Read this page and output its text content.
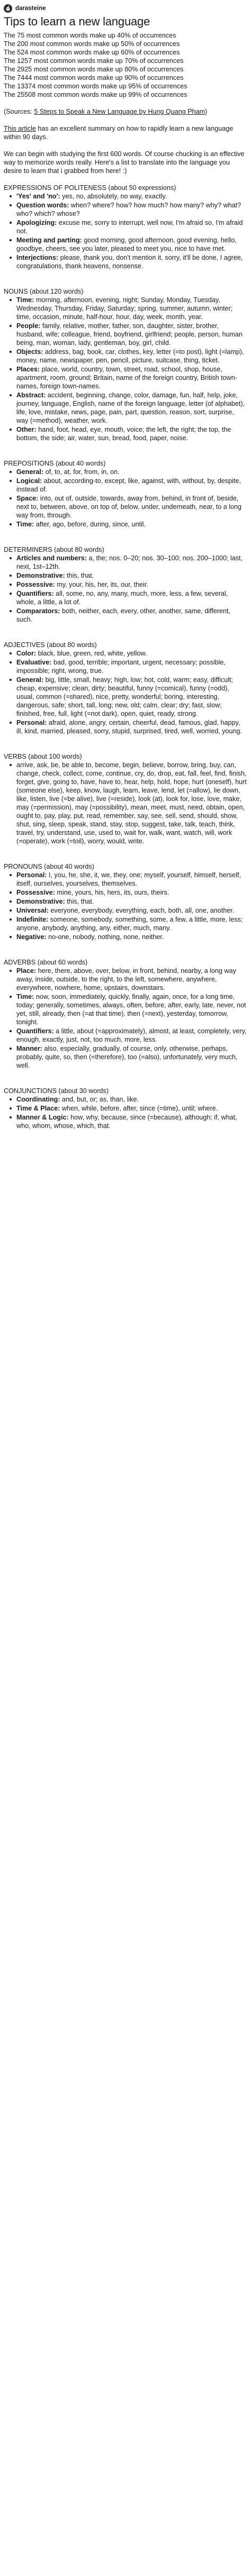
darasteine
Tips to learn a new language

The 75 most common words make up 40% of occurrences

The 200 most common words make up 50% of occurrences

The 524 most common words make up 60% of occurrences

The 1257 most common words make up 70% of occurrences

The 2925 most common words make up 80% of occurrences

The 7444 most common words make up 90% of occurrences

The 13374 most common words make up 95% of occurrences

The 25508 most common words make up 99% of occurrences

(Sources: 5 Steps to Speak a New Language by Hung Quang Pham)

This article has an excellent summary on how to rapidly learn a new language within 90 days.

We can begin with studying the first 600 words. Of course chucking is an effective way to memorize words really. Here's a list to translate into the language you desire to learn that i grabbed from here! :)

EXPRESSIONS OF POLITENESS (about 50 expressions)

'Yes' and 'no': yes, no, absolutely, no way, exactly.
Question words: when? where? how? how much? how many? why? what? who? which? whose?
Apologizing: excuse me, sorry to interrupt, well now, I'm afraid so, I'm afraid not.
Meeting and parting: good morning, good afternoon, good evening, hello, goodbye, cheers, see you later, pleased to meet you, nice to have met.
Interjections: please, thank you, don't mention it, sorry, it'll be done, I agree, congratulations, thank heavens, nonsense.

NOUNS (about 120 words)

Time: morning, afternoon, evening, night; Sunday, Monday, Tuesday, Wednesday, Thursday, Friday, Saturday; spring, summer, autumn, winter; time, occasion, minute, half-hour, hour, day, week, month, year.
People: family, relative, mother, father, son, daughter, sister, brother, husband, wife; colleague, friend, boyfriend, girlfriend; people, person, human being, man, woman, lady, gentleman, boy, girl, child.
Objects: address, bag, book, car, clothes, key, letter (=to post), light (=lamp), money, name, newspaper, pen, pencil, picture, suitcase, thing, ticket.
Places: place, world, country, town, street, road, school, shop, house, apartment, room, ground; Britain, name of the foreign country, British town-names, foreign town-names.
Abstract: accident, beginning, change, color, damage, fun, half, help, joke, journey, language, English, name of the foreign language, letter (of alphabet), life, love, mistake, news, page, pain, part, question, reason, sort, surprise, way (=method), weather, work.
Other: hand, foot, head, eye, mouth, voice; the left, the right; the top, the bottom, the side; air, water, sun, bread, food, paper, noise.

PREPOSITIONS (about 40 words)

General: of, to, at, for, from, in, on.
Logical: about, according-to, except, like, against, with, without, by, despite, instead of.
Space: into, out of, outside, towards, away from, behind, in front of, beside, next to, between, above, on top of, below, under, underneath, near, to a long way from, through.
Time: after, ago, before, during, since, until.

DETERMINERS (about 80 words)

Articles and numbers: a, the; nos. 0–20; nos. 30–100; nos. 200–1000; last, next, 1st–12th.
Demonstrative: this, that.
Possessive: my, your, his, her, its, our, their.
Quantifiers: all, some, no, any, many, much, more, less, a few, several, whole, a little, a lot of.
Comparators: both, neither, each, every, other, another, same, different, such.

ADJECTIVES (about 80 words)

Color: black, blue, green, red, white, yellow.
Evaluative: bad, good, terrible; important, urgent, necessary; possible, impossible; right, wrong, true.
General: big, little, small, heavy; high, low; hot, cold, warm; easy, difficult; cheap, expensive; clean, dirty; beautiful, funny (=comical), funny (=odd), usual, common (=shared), nice, pretty, wonderful; boring, interesting, dangerous, safe; short, tall, long; new, old; calm, clear; dry; fast, slow; finished, free, full, light (=not dark), open, quiet, ready, strong.
Personal: afraid, alone, angry, certain, cheerful, dead, famous, glad, happy, ill, kind, married, pleased, sorry, stupid, surprised, tired, well, worried, young.

VERBS (about 100 words)

arrive, ask, be, be able to, become, begin, believe, borrow, bring, buy, can, change, check, collect, come, continue, cry, do, drop, eat, fall, feel, find, finish, forget, give, going to, have, have to, hear, help, hold, hope, hurt (oneself), hurt (someone else), keep, know, laugh, learn, leave, lend, let (=allow), lie down, like, listen, live (=be alive), live (=reside), look (at), look for, lose, love, make, may (=permission), may (=possibility), mean, meet, must, need, obtain, open, ought to, pay, play, put, read, remember, say, see, sell, send, should, show, shut, sing, sleep, speak, stand, stay, stop, suggest, take, talk, teach, think, travel, try, understand, use, used to, wait for, walk, want, watch, will, work (=operate), work (=toil), worry, would, write.

PRONOUNS (about 40 words)

Personal: I, you, he, she, it, we, they, one; myself, yourself, himself, herself, itself, ourselves, yourselves, themselves.
Possessive: mine, yours, his, hers, its, ours, theirs.
Demonstrative: this, that.
Universal: everyone, everybody, everything, each, both, all, one, another.
Indefinite: someone, somebody, something, some, a few, a little, more, less; anyone, anybody, anything, any, either, much, many.
Negative: no-one, nobody, nothing, none, neither.

ADVERBS (about 60 words)

Place: here, there, above, over, below, in front, behind, nearby, a long way away, inside, outside, to the right, to the left, somewhere, anywhere, everywhere, nowhere, home, upstairs, downstairs.
Time: now, soon, immediately, quickly, finally, again, once, for a long time, today; generally, sometimes, always, often, before, after, early, late, never, not yet, still, already, then (=at that time), then (=next), yesterday, tomorrow, tonight.
Quantifiers: a little, about (=approximately), almost, at least, completely, very, enough, exactly, just, not, too much, more, less.
Manner: also, especially, gradually, of course, only, otherwise, perhaps, probably, quite, so, then (=therefore), too (=also), unfortunately, very much, well.

CONJUNCTIONS (about 30 words)

Coordinating: and, but, or; as, than, like.
Time & Place: when, while, before, after, since (=time), until; where.
Manner & Logic: how, why, because, since (=because), although; if, what, who, whom, whose, which, that.
